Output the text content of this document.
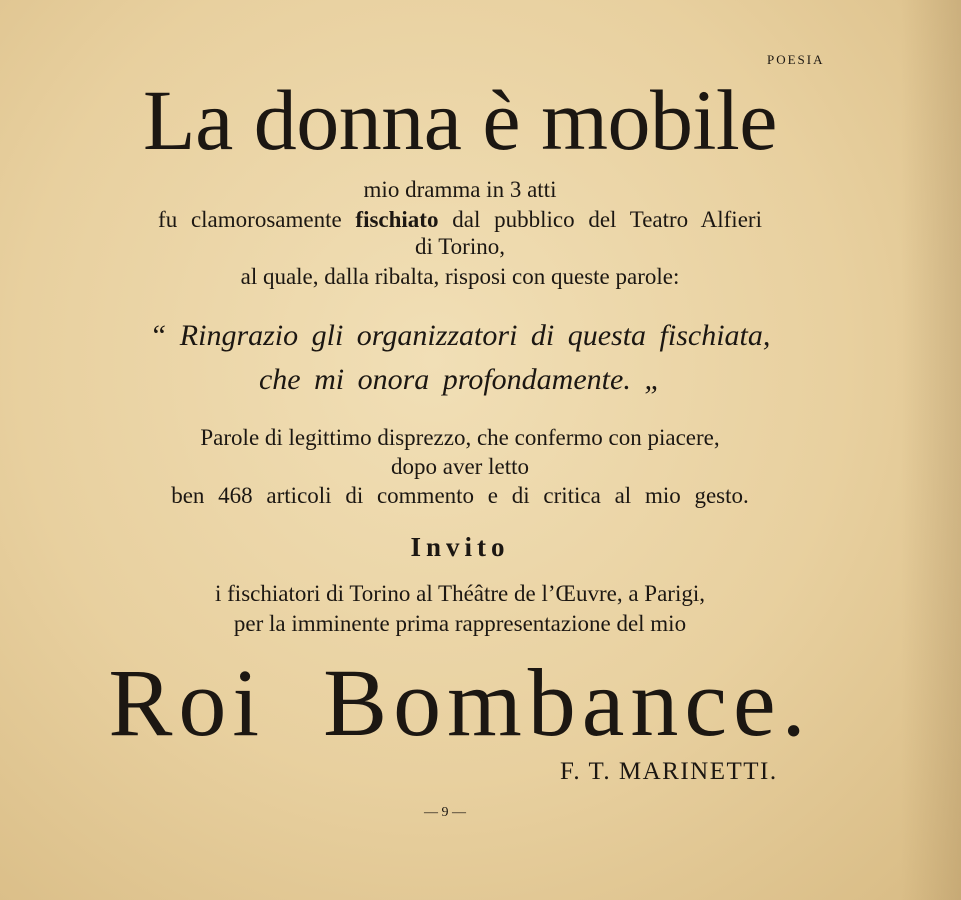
POESIA
La donna è mobile
mio dramma in 3 atti
fu clamorosamente fischiato dal pubblico del Teatro Alfieri
di Torino,
al quale, dalla ribalta, risposi con queste parole:
“ Ringrazio gli organizzatori di questa fischiata,
che mi onora profondamente. „
Parole di legittimo disprezzo, che confermo con piacere,
dopo aver letto
ben 468 articoli di commento e di critica al mio gesto.
Invito
i fischiatori di Torino al Théâtre de l’Œuvre, a Parigi,
per la imminente prima rappresentazione del mio
Roi Bombance.
F. T. MARINETTI.
— 9 —
